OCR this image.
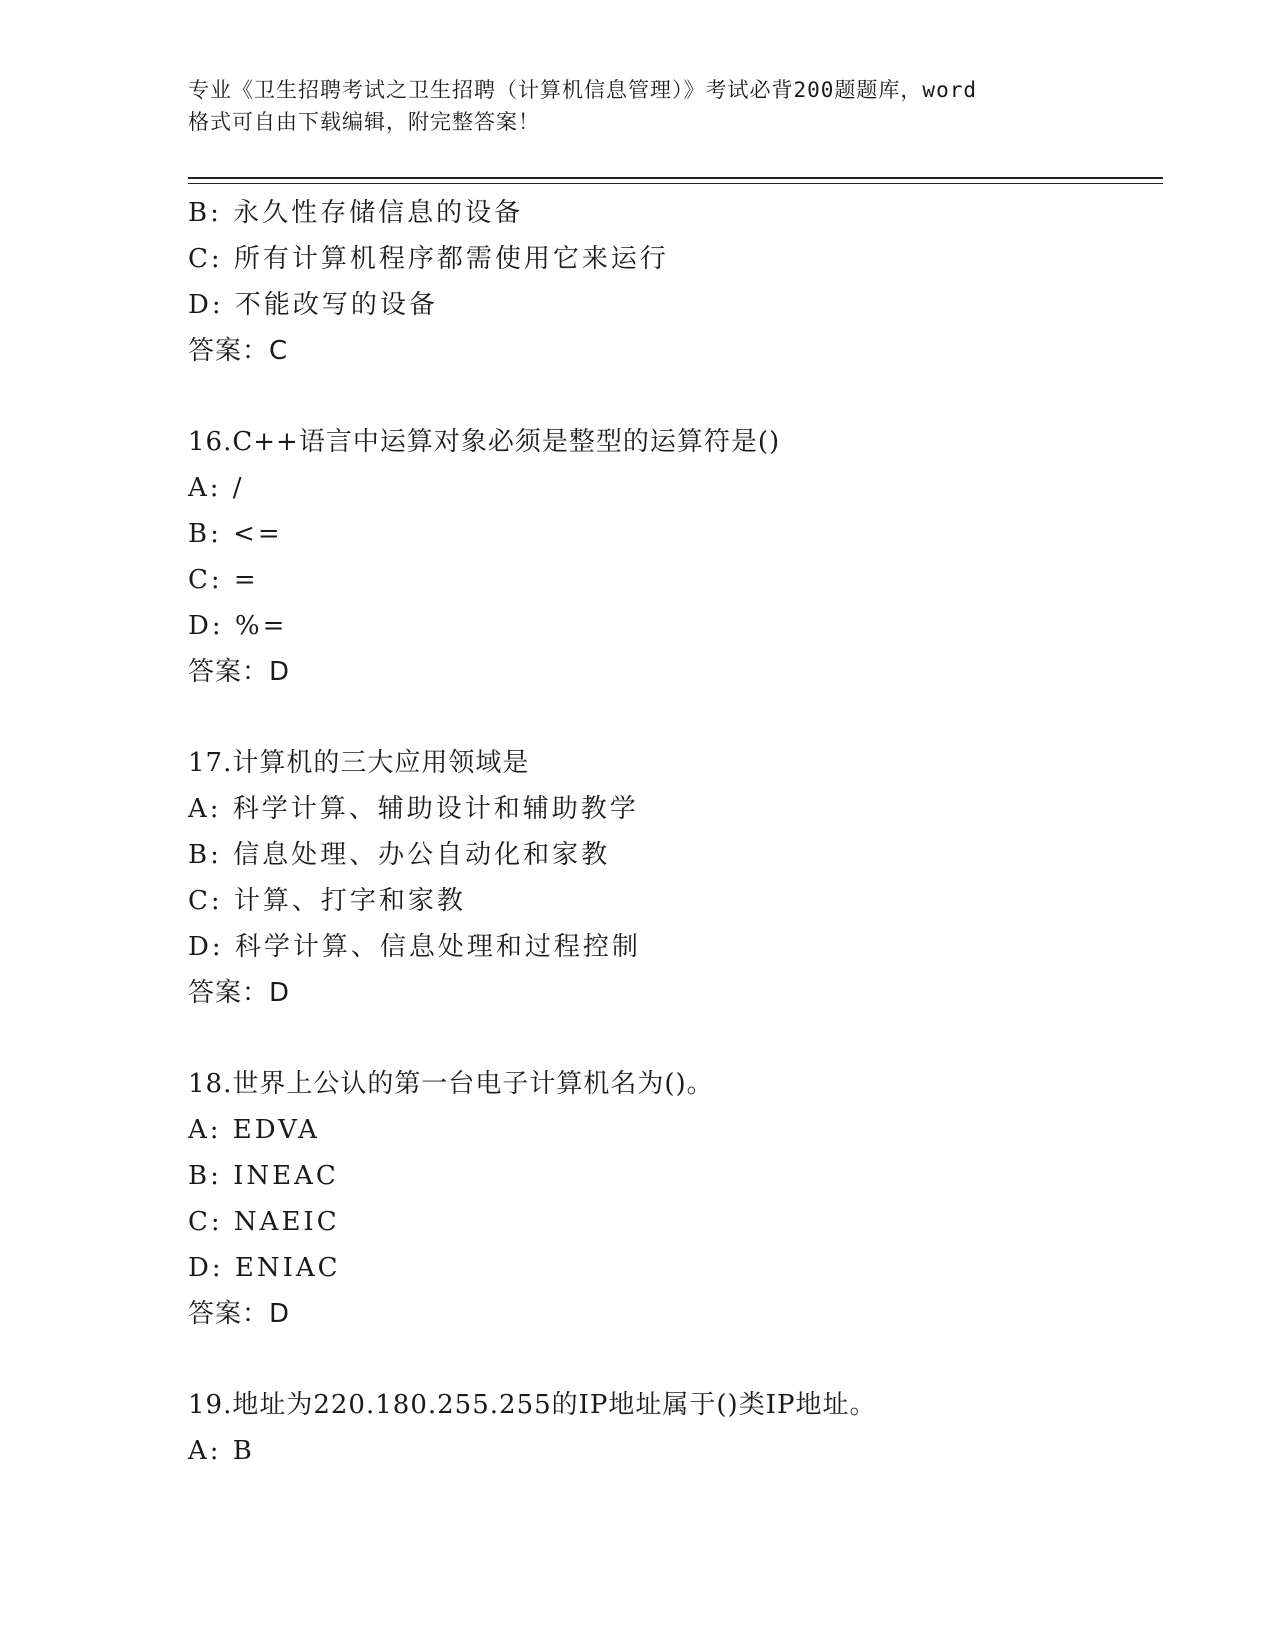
专业《卫生招聘考试之卫生招聘（计算机信息管理）》考试必背200题题库，word
格式可自由下载编辑，附完整答案！
B: 永久性存储信息的设备
C: 所有计算机程序都需使用它来运行
D: 不能改写的设备
答案：C
16.C++语言中运算对象必须是整型的运算符是()
A: /
B: <=
C: =
D: %=
答案：D
17.计算机的三大应用领域是
A: 科学计算、辅助设计和辅助教学
B: 信息处理、办公自动化和家教
C: 计算、打字和家教
D: 科学计算、信息处理和过程控制
答案：D
18.世界上公认的第一台电子计算机名为()。
A: EDVA
B: INEAC
C: NAEIC
D: ENIAC
答案：D
19.地址为220.180.255.255的IP地址属于()类IP地址。
A: B
